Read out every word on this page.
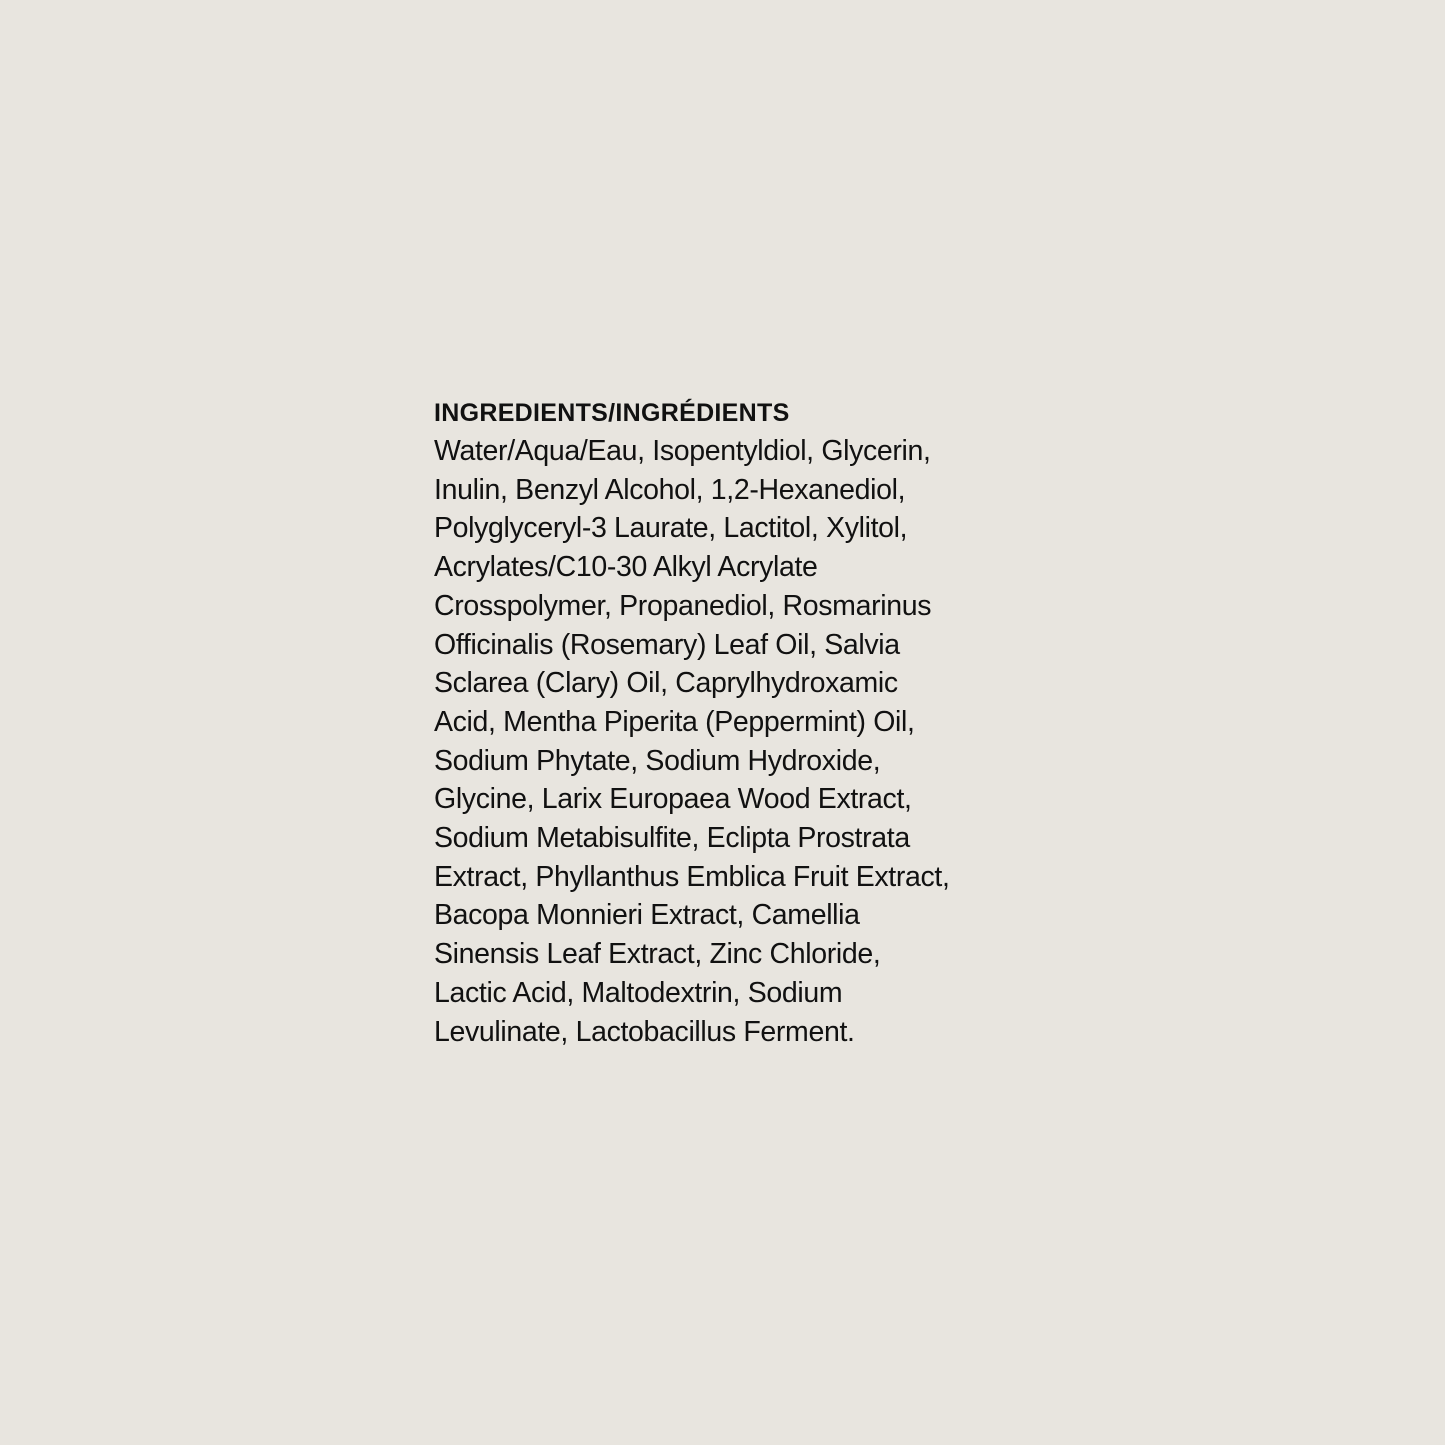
INGREDIENTS/INGRÉDIENTS
Water/Aqua/Eau, Isopentyldiol, Glycerin,
Inulin, Benzyl Alcohol, 1,2-Hexanediol,
Polyglyceryl-3 Laurate, Lactitol, Xylitol,
Acrylates/C10-30 Alkyl Acrylate
Crosspolymer, Propanediol, Rosmarinus
Officinalis (Rosemary) Leaf Oil, Salvia
Sclarea (Clary) Oil, Caprylhydroxamic
Acid, Mentha Piperita (Peppermint) Oil,
Sodium Phytate, Sodium Hydroxide,
Glycine, Larix Europaea Wood Extract,
Sodium Metabisulfite, Eclipta Prostrata
Extract, Phyllanthus Emblica Fruit Extract,
Bacopa Monnieri Extract, Camellia
Sinensis Leaf Extract, Zinc Chloride,
Lactic Acid, Maltodextrin, Sodium
Levulinate, Lactobacillus Ferment.
